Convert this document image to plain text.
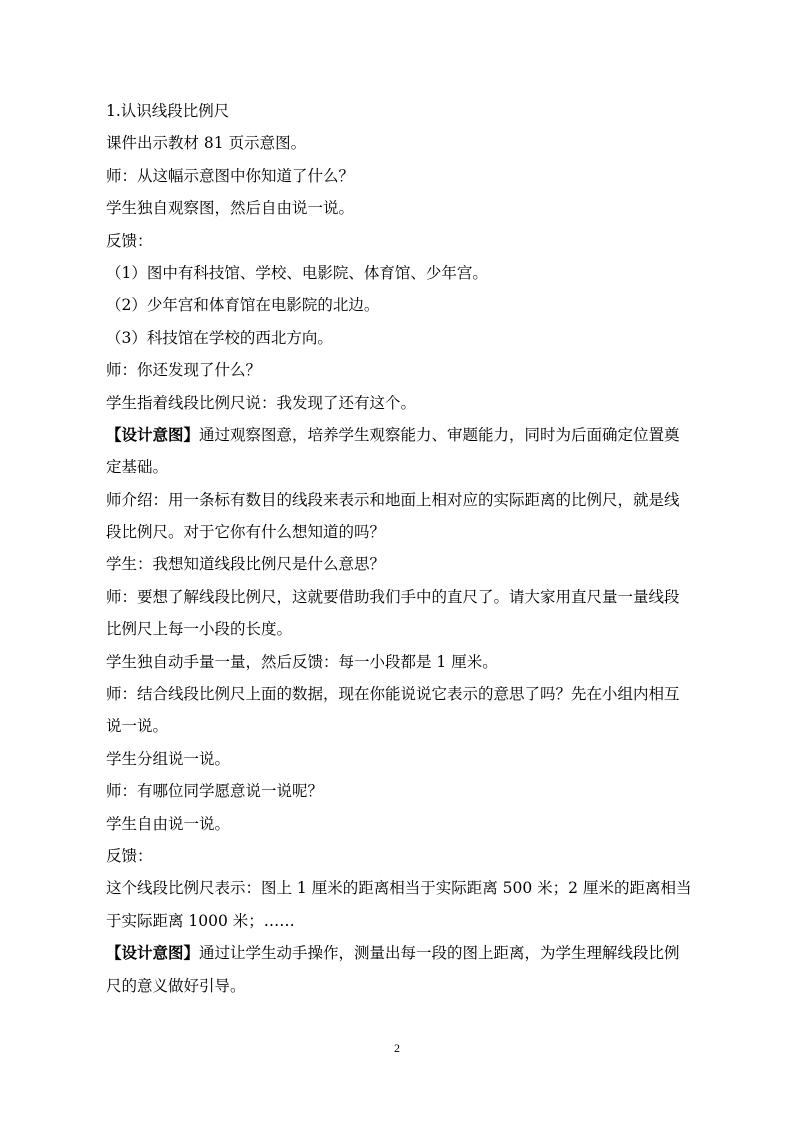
1.认识线段比例尺
课件出示教材 81 页示意图。
师：从这幅示意图中你知道了什么？
学生独自观察图，然后自由说一说。
反馈：
（1）图中有科技馆、学校、电影院、体育馆、少年宫。
（2）少年宫和体育馆在电影院的北边。
（3）科技馆在学校的西北方向。
师：你还发现了什么？
学生指着线段比例尺说：我发现了还有这个。
【设计意图】通过观察图意，培养学生观察能力、审题能力，同时为后面确定位置奠
定基础。
师介绍：用一条标有数目的线段来表示和地面上相对应的实际距离的比例尺，就是线
段比例尺。对于它你有什么想知道的吗？
学生：我想知道线段比例尺是什么意思？
师：要想了解线段比例尺，这就要借助我们手中的直尺了。请大家用直尺量一量线段
比例尺上每一小段的长度。
学生独自动手量一量，然后反馈：每一小段都是 1 厘米。
师：结合线段比例尺上面的数据，现在你能说说它表示的意思了吗？先在小组内相互
说一说。
学生分组说一说。
师：有哪位同学愿意说一说呢？
学生自由说一说。
反馈：
这个线段比例尺表示：图上 1 厘米的距离相当于实际距离 500 米；2 厘米的距离相当
于实际距离 1000 米；……
【设计意图】通过让学生动手操作，测量出每一段的图上距离，为学生理解线段比例
尺的意义做好引导。
2
